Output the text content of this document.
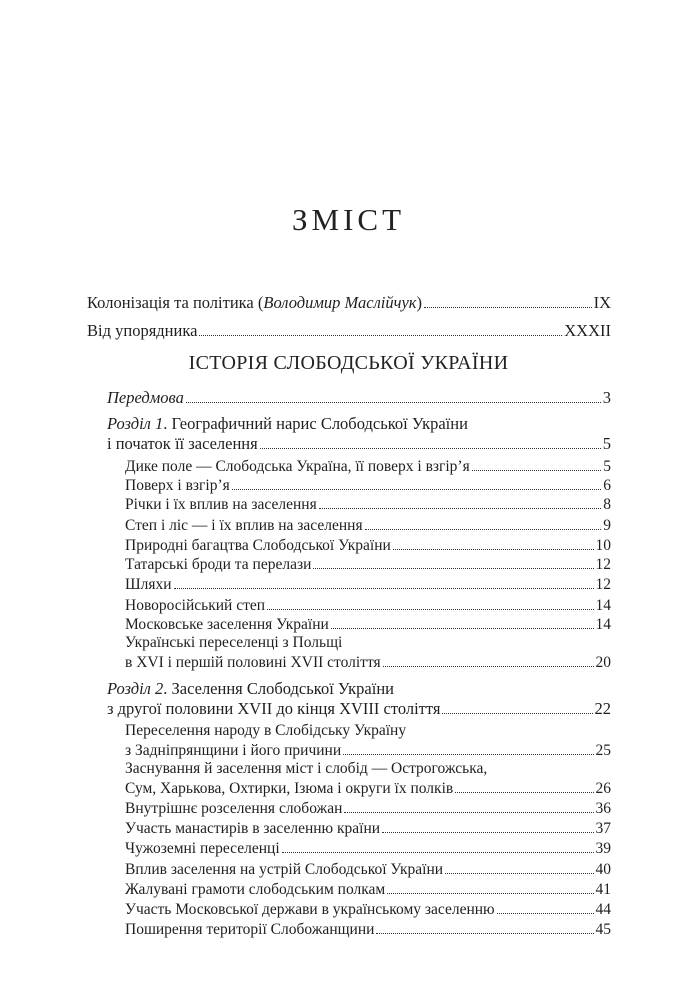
ЗМІСТ
Колонізація та політика (Володимир Маслійчук)	IX
Від упорядника	XXXII
ІСТОРІЯ СЛОБОДСЬКОЇ УКРАЇНИ
Передмова	3
Розділ 1. Географичний нарис Слободської України
і початок її заселення	5
Дике поле — Слободська Україна, її поверх і взгір’я	5
Поверх і взгір’я	6
Річки і їх вплив на заселення	8
Степ і ліс — і їх вплив на заселення	9
Природні багацтва Слободської України	10
Татарські броди та перелази	12
Шляхи	12
Новоросійський степ	14
Московське заселення України	14
Українські переселенці з Польщі
в XVI і першій половині XVII століття	20
Розділ 2. Заселення Слободської України
з другої половини XVII до кінця XVIII століття	22
Переселення народу в Слобідську Україну
з Задніпрянщини і його причини	25
Заснування й заселення міст і слобід — Острогожська,
Сум, Харькова, Охтирки, Ізюма і округи їх полків	26
Внутрішнє розселення слобожан	36
Участь манастирів в заселенню країни	37
Чужоземні переселенці	39
Вплив заселення на устрій Слободської України	40
Жалувані грамоти слободським полкам	41
Участь Московської держави в українському заселенню	44
Поширення території Слобожанщини	45
